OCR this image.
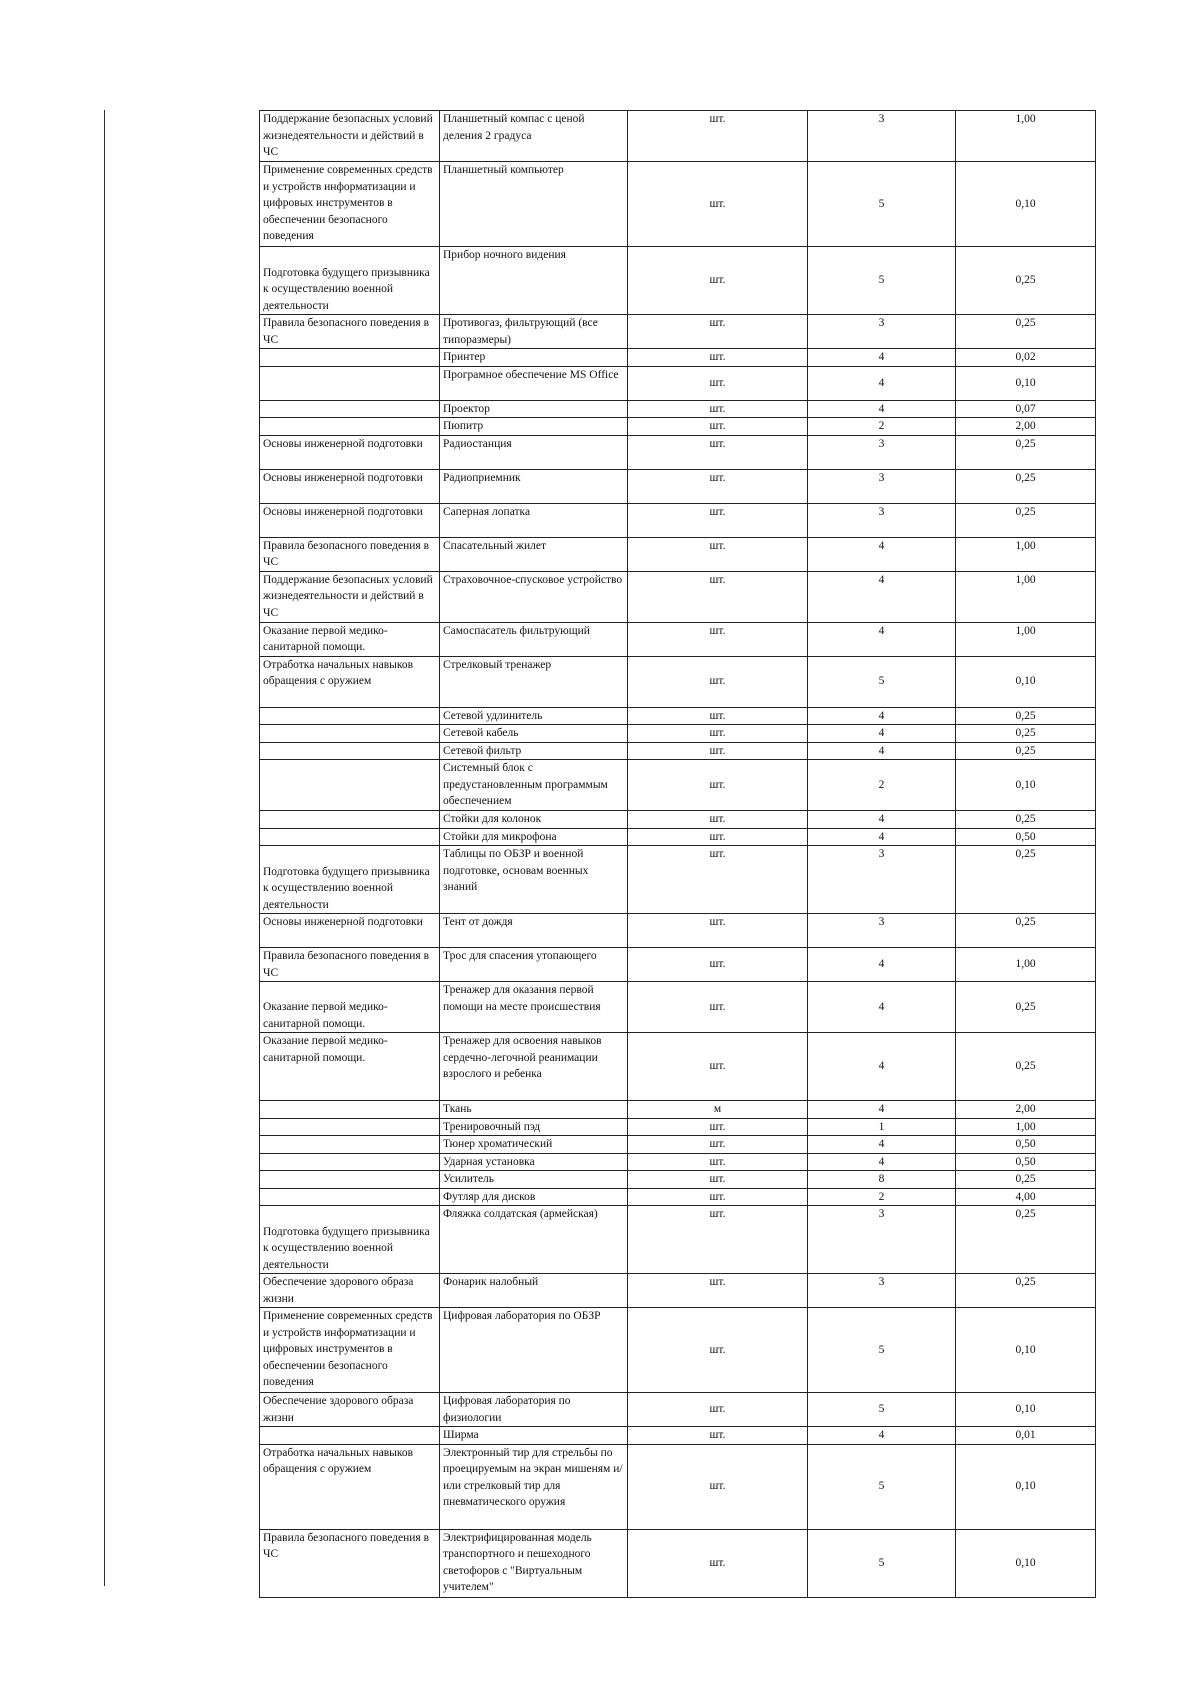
Поддержание безопасных условий жизнедеятельности и действий в ЧС	Планшетный компас с ценой деления 2 градуса	шт.	3	1,00
Применение современных средств и устройств информатизации и цифровых инструментов в обеспечении безопасного поведения	Планшетный компьютер	шт.	5	0,10
Подготовка будущего призывника к осуществлению военной деятельности	Прибор ночного видения	шт.	5	0,25
Правила безопасного поведения в ЧС	Противогаз, фильтрующий (все типоразмеры)	шт.	3	0,25
	Принтер	шт.	4	0,02
	Програмное обеспечение MS Office	шт.	4	0,10
	Проектор	шт.	4	0,07
	Пюпитр	шт.	2	2,00
Основы инженерной подготовки	Радиостанция	шт.	3	0,25
Основы инженерной подготовки	Радиоприемник	шт.	3	0,25
Основы инженерной подготовки	Саперная лопатка	шт.	3	0,25
Правила безопасного поведения в ЧС	Спасательный жилет	шт.	4	1,00
Поддержание безопасных условий жизнедеятельности и действий в ЧС	Страховочное-спусковое устройство	шт.	4	1,00
Оказание первой медико-санитарной помощи.	Самоспасатель фильтрующий	шт.	4	1,00
Отработка начальных навыков обращения с оружием	Стрелковый тренажер	шт.	5	0,10
	Сетевой удлинитель	шт.	4	0,25
	Сетевой кабель	шт.	4	0,25
	Сетевой фильтр	шт.	4	0,25
	Системный блок с предустановленным программым обеспечением	шт.	2	0,10
	Стойки для колонок	шт.	4	0,25
	Стойки для микрофона	шт.	4	0,50
Подготовка будущего призывника к осуществлению военной деятельности	Таблицы по ОБЗР и военной подготовке, основам военных знаний	шт.	3	0,25
Основы инженерной подготовки	Тент от дождя	шт.	3	0,25
Правила безопасного поведения в ЧС	Трос для спасения утопающего	шт.	4	1,00
Оказание первой медико-санитарной помощи.	Тренажер для оказания первой помощи на месте происшествия	шт.	4	0,25
Оказание первой медико-санитарной помощи.	Тренажер для освоения навыков сердечно-легочной реанимации взрослого и ребенка	шт.	4	0,25
	Ткань	м	4	2,00
	Тренировочный пэд	шт.	1	1,00
	Тюнер хроматический	шт.	4	0,50
	Ударная установка	шт.	4	0,50
	Усилитель	шт.	8	0,25
	Футляр для дисков	шт.	2	4,00
Подготовка будущего призывника к осуществлению военной деятельности	Фляжка солдатская (армейская)	шт.	3	0,25
Обеспечение здорового образа жизни	Фонарик налобный	шт.	3	0,25
Применение современных средств и устройств информатизации и цифровых инструментов в обеспечении безопасного поведения	Цифровая лаборатория по ОБЗР	шт.	5	0,10
Обеспечение здорового образа жизни	Цифровая лаборатория по физиологии	шт.	5	0,10
	Ширма	шт.	4	0,01
Отработка начальных навыков обращения с оружием	Электронный тир для стрельбы по проецируемым на экран мишеням и/или стрелковый тир для пневматического оружия	шт.	5	0,10
Правила безопасного поведения в ЧС	Электрифицированная модель транспортного и пешеходного светофоров с "Виртуальным учителем"	шт.	5	0,10
